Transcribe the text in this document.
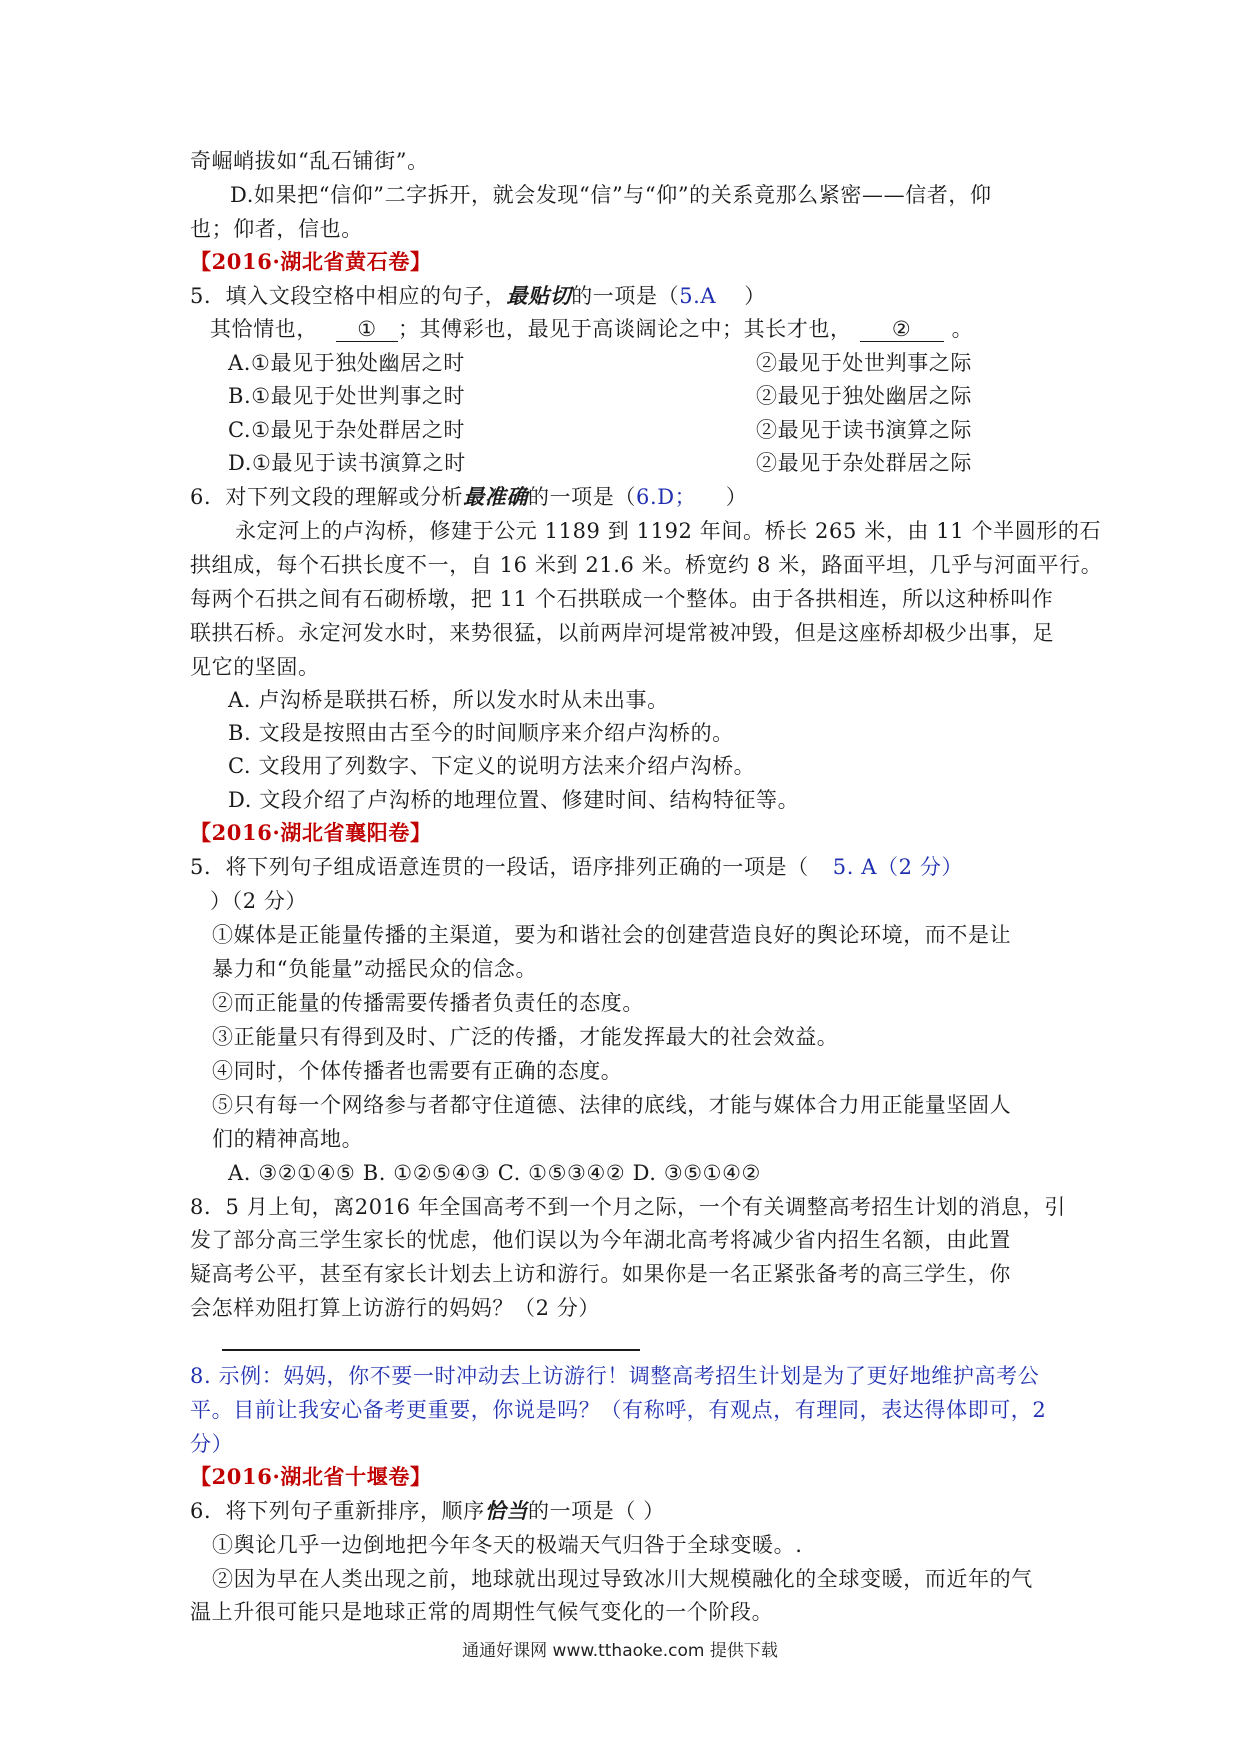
奇崛峭拔如“乱石铺街”。
D.如果把“信仰”二字拆开，就会发现“信”与“仰”的关系竟那么紧密——信者，仰
也；仰者，信也。
【2016·湖北省黄石卷】
5．填入文段空格中相应的句子，最贴切的一项是（5.A ）
其恰情也， ① ；其傅彩也，最见于高谈阔论之中；其长才也， ② 。
A.①最见于独处幽居之时	②最见于处世判事之际
B.①最见于处世判事之时	②最见于独处幽居之际
C.①最见于杂处群居之时	②最见于读书演算之际
D.①最见于读书演算之时	②最见于杂处群居之际
6．对下列文段的理解或分析最准确的一项是（6.D； ）
永定河上的卢沟桥，修建于公元 1189 到 1192 年间。桥长 265 米，由 11 个半圆形的石
拱组成，每个石拱长度不一，自 16 米到 21.6 米。桥宽约 8 米，路面平坦，几乎与河面平行。
每两个石拱之间有石砌桥墩，把 11 个石拱联成一个整体。由于各拱相连，所以这种桥叫作
联拱石桥。永定河发水时，来势很猛，以前两岸河堤常被冲毁，但是这座桥却极少出事，足
见它的坚固。
A. 卢沟桥是联拱石桥，所以发水时从未出事。
B. 文段是按照由古至今的时间顺序来介绍卢沟桥的。
C. 文段用了列数字、下定义的说明方法来介绍卢沟桥。
D. 文段介绍了卢沟桥的地理位置、修建时间、结构特征等。
【2016·湖北省襄阳卷】
5．将下列句子组成语意连贯的一段话，语序排列正确的一项是（ 5. A（2 分）
）（2 分）
①媒体是正能量传播的主渠道，要为和谐社会的创建营造良好的舆论环境，而不是让
暴力和“负能量”动摇民众的信念。
②而正能量的传播需要传播者负责任的态度。
③正能量只有得到及时、广泛的传播，才能发挥最大的社会效益。
④同时，个体传播者也需要有正确的态度。
⑤只有每一个网络参与者都守住道德、法律的底线，才能与媒体合力用正能量坚固人
们的精神高地。
A. ③②①④⑤ B. ①②⑤④③ C. ①⑤③④② D. ③⑤①④②
8．5 月上旬，离2016 年全国高考不到一个月之际，一个有关调整高考招生计划的消息，引
发了部分高三学生家长的忧虑，他们误以为今年湖北高考将减少省内招生名额，由此置
疑高考公平，甚至有家长计划去上访和游行。如果你是一名正紧张备考的高三学生，你
会怎样劝阻打算上访游行的妈妈？（2 分）
8. 示例：妈妈，你不要一时冲动去上访游行！调整高考招生计划是为了更好地维护高考公
平。目前让我安心备考更重要，你说是吗？（有称呼，有观点，有理同，表达得体即可，2
分）
【2016·湖北省十堰卷】
6．将下列句子重新排序，顺序恰当的一项是（ ）
①舆论几乎一边倒地把今年冬天的极端天气归咎于全球变暖。.
②因为早在人类出现之前，地球就出现过导致冰川大规模融化的全球变暖，而近年的气
温上升很可能只是地球正常的周期性气候气变化的一个阶段。
通通好课网 www.tthaoke.com 提供下载
